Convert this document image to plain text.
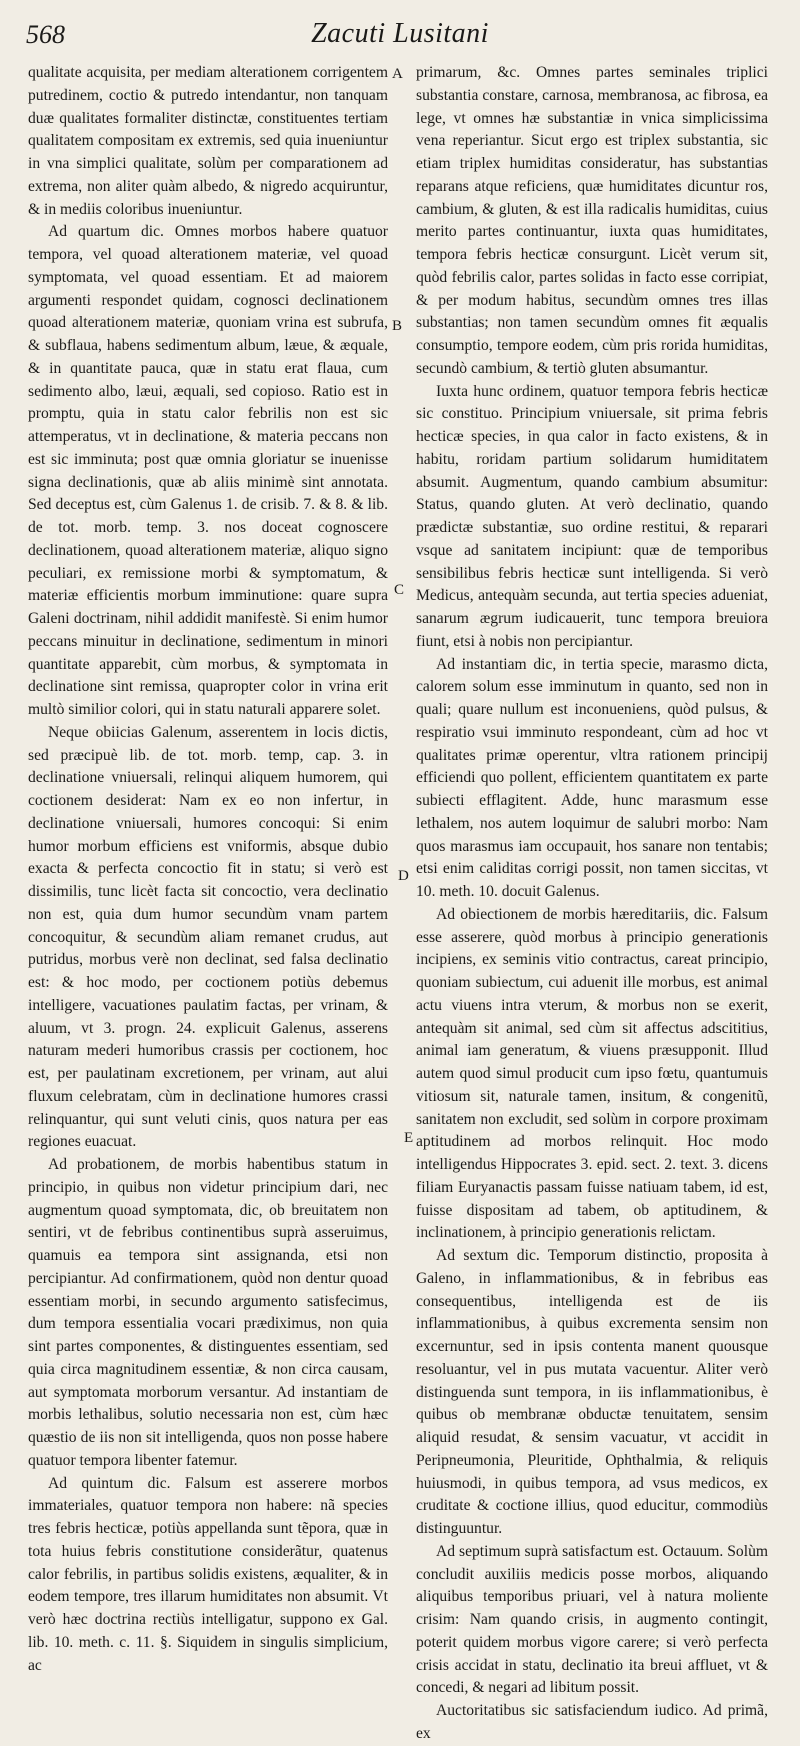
568	Zacuti Lusitani
A
B
C
D
E

qualitate acquisita, per mediam alterationem corrigentem putredinem, coctio & putredo intendantur, non tanquam duæ qualitates formaliter distinctæ, constituentes tertiam qualitatem compositam ex extremis, sed quia inueniuntur in vna simplici qualitate, solùm per comparationem ad extrema, non aliter quàm albedo, & nigredo acquiruntur, & in mediis coloribus inueniuntur.

Ad quartum dic. Omnes morbos habere quatuor tempora, vel quoad alterationem materiæ, vel quoad symptomata, vel quoad essentiam. Et ad maiorem argumenti respondet quidam, cognosci declinationem quoad alterationem materiæ, quoniam vrina est subrufa, & subflaua, habens sedimentum album, læue, & æquale, & in quantitate pauca, quæ in statu erat flaua, cum sedimento albo, læui, æquali, sed copioso. Ratio est in promptu, quia in statu calor febrilis non est sic attemperatus, vt in declinatione, & materia peccans non est sic imminuta; post quæ omnia gloriatur se inuenisse signa declinationis, quæ ab aliis minimè sint annotata. Sed deceptus est, cùm Galenus 1. de crisib. 7. & 8. & lib. de tot. morb. temp. 3. nos doceat cognoscere declinationem, quoad alterationem materiæ, aliquo signo peculiari, ex remissione morbi & symptomatum, & materiæ efficientis morbum imminutione: quare supra Galeni doctrinam, nihil addidit manifestè. Si enim humor peccans minuitur in declinatione, sedimentum in minori quantitate apparebit, cùm morbus, & symptomata in declinatione sint remissa, quapropter color in vrina erit multò similior colori, qui in statu naturali apparere solet.

Neque obiicias Galenum, asserentem in locis dictis, sed præcipuè lib. de tot. morb. temp, cap. 3. in declinatione vniuersali, relinqui aliquem humorem, qui coctionem desiderat: Nam ex eo non infertur, in declinatione vniuersali, humores concoqui: Si enim humor morbum efficiens est vniformis, absque dubio exacta & perfecta concoctio fit in statu; si verò est dissimilis, tunc licèt facta sit concoctio, vera declinatio non est, quia dum humor secundùm vnam partem concoquitur, & secundùm aliam remanet crudus, aut putridus, morbus verè non declinat, sed falsa declinatio est: & hoc modo, per coctionem potiùs debemus intelligere, vacuationes paulatim factas, per vrinam, & aluum, vt 3. progn. 24. explicuit Galenus, asserens naturam mederi humoribus crassis per coctionem, hoc est, per paulatinam excretionem, per vrinam, aut alui fluxum celebratam, cùm in declinatione humores crassi relinquantur, qui sunt veluti cinis, quos natura per eas regiones euacuat.

Ad probationem, de morbis habentibus statum in principio, in quibus non videtur principium dari, nec augmentum quoad symptomata, dic, ob breuitatem non sentiri, vt de febribus continentibus suprà asseruimus, quamuis ea tempora sint assignanda, etsi non percipiantur. Ad confirmationem, quòd non dentur quoad essentiam morbi, in secundo argumento satisfecimus, dum tempora essentialia vocari prædiximus, non quia sint partes componentes, & distinguentes essentiam, sed quia circa magnitudinem essentiæ, & non circa causam, aut symptomata morborum versantur. Ad instantiam de morbis lethalibus, solutio necessaria non est, cùm hæc quæstio de iis non sit intelligenda, quos non posse habere quatuor tempora libenter fatemur.

Ad quintum dic. Falsum est asserere morbos immateriales, quatuor tempora non habere: nã species tres febris hecticæ, potiùs appellanda sunt tẽpora, quæ in tota huius febris constitutione considerãtur, quatenus calor febrilis, in partibus solidis existens, æqualiter, & in eodem tempore, tres illarum humiditates non absumit. Vt verò hæc doctrina rectiùs intelligatur, suppono ex Gal. lib. 10. meth. c. 11. §. Siquidem in singulis simplicium, ac

primarum, &c. Omnes partes seminales triplici substantia constare, carnosa, membranosa, ac fibrosa, ea lege, vt omnes hæ substantiæ in vnica simplicissima vena reperiantur. Sicut ergo est triplex substantia, sic etiam triplex humiditas consideratur, has substantias reparans atque reficiens, quæ humiditates dicuntur ros, cambium, & gluten, & est illa radicalis humiditas, cuius merito partes continuantur, iuxta quas humiditates, tempora febris hecticæ consurgunt. Licèt verum sit, quòd febrilis calor, partes solidas in facto esse corripiat, & per modum habitus, secundùm omnes tres illas substantias; non tamen secundùm omnes fit æqualis consumptio, tempore eodem, cùm pris rorida humiditas, secundò cambium, & tertiò gluten absumantur.

Iuxta hunc ordinem, quatuor tempora febris hecticæ sic constituo. Principium vniuersale, sit prima febris hecticæ species, in qua calor in facto existens, & in habitu, roridam partium solidarum humiditatem absumit. Augmentum, quando cambium absumitur: Status, quando gluten. At verò declinatio, quando prædictæ substantiæ, suo ordine restitui, & reparari vsque ad sanitatem incipiunt: quæ de temporibus sensibilibus febris hecticæ sunt intelligenda. Si verò Medicus, antequàm secunda, aut tertia species adueniat, sanarum ægrum iudicauerit, tunc tempora breuiora fiunt, etsi à nobis non percipiantur.

Ad instantiam dic, in tertia specie, marasmo dicta, calorem solum esse imminutum in quanto, sed non in quali; quare nullum est inconueniens, quòd pulsus, & respiratio vsui imminuto respondeant, cùm ad hoc vt qualitates primæ operentur, vltra rationem principij efficiendi quo pollent, efficientem quantitatem ex parte subiecti efflagitent. Adde, hunc marasmum esse lethalem, nos autem loquimur de salubri morbo: Nam quos marasmus iam occupauit, hos sanare non tentabis; etsi enim caliditas corrigi possit, non tamen siccitas, vt 10. meth. 10. docuit Galenus.

Ad obiectionem de morbis hæreditariis, dic. Falsum esse asserere, quòd morbus à principio generationis incipiens, ex seminis vitio contractus, careat principio, quoniam subiectum, cui aduenit ille morbus, est animal actu viuens intra vterum, & morbus non se exerit, antequàm sit animal, sed cùm sit affectus adscititius, animal iam generatum, & viuens præsupponit. Illud autem quod simul producit cum ipso fœtu, quantumuis vitiosum sit, naturale tamen, insitum, & congenitũ, sanitatem non excludit, sed solùm in corpore proximam aptitudinem ad morbos relinquit. Hoc modo intelligendus Hippocrates 3. epid. sect. 2. text. 3. dicens filiam Euryanactis passam fuisse natiuam tabem, id est, fuisse dispositam ad tabem, ob aptitudinem, & inclinationem, à principio generationis relictam.

Ad sextum dic. Temporum distinctio, proposita à Galeno, in inflammationibus, & in febribus eas consequentibus, intelligenda est de iis inflammationibus, à quibus excrementa sensim non excernuntur, sed in ipsis contenta manent quousque resoluantur, vel in pus mutata vacuentur. Aliter verò distinguenda sunt tempora, in iis inflammationibus, è quibus ob membranæ obductæ tenuitatem, sensim aliquid resudat, & sensim vacuatur, vt accidit in Peripneumonia, Pleuritide, Ophthalmia, & reliquis huiusmodi, in quibus tempora, ad vsus medicos, ex cruditate & coctione illius, quod educitur, commodiùs distinguuntur.

Ad septimum suprà satisfactum est. Octauum. Solùm concludit auxiliis medicis posse morbos, aliquando aliquibus temporibus priuari, vel à natura moliente crisim: Nam quando crisis, in augmento contingit, poterit quidem morbus vigore carere; si verò perfecta crisis accidat in statu, declinatio ita breui affluet, vt & concedi, & negari ad libitum possit.

Auctoritatibus sic satisfaciendum iudico. Ad primã, ex
